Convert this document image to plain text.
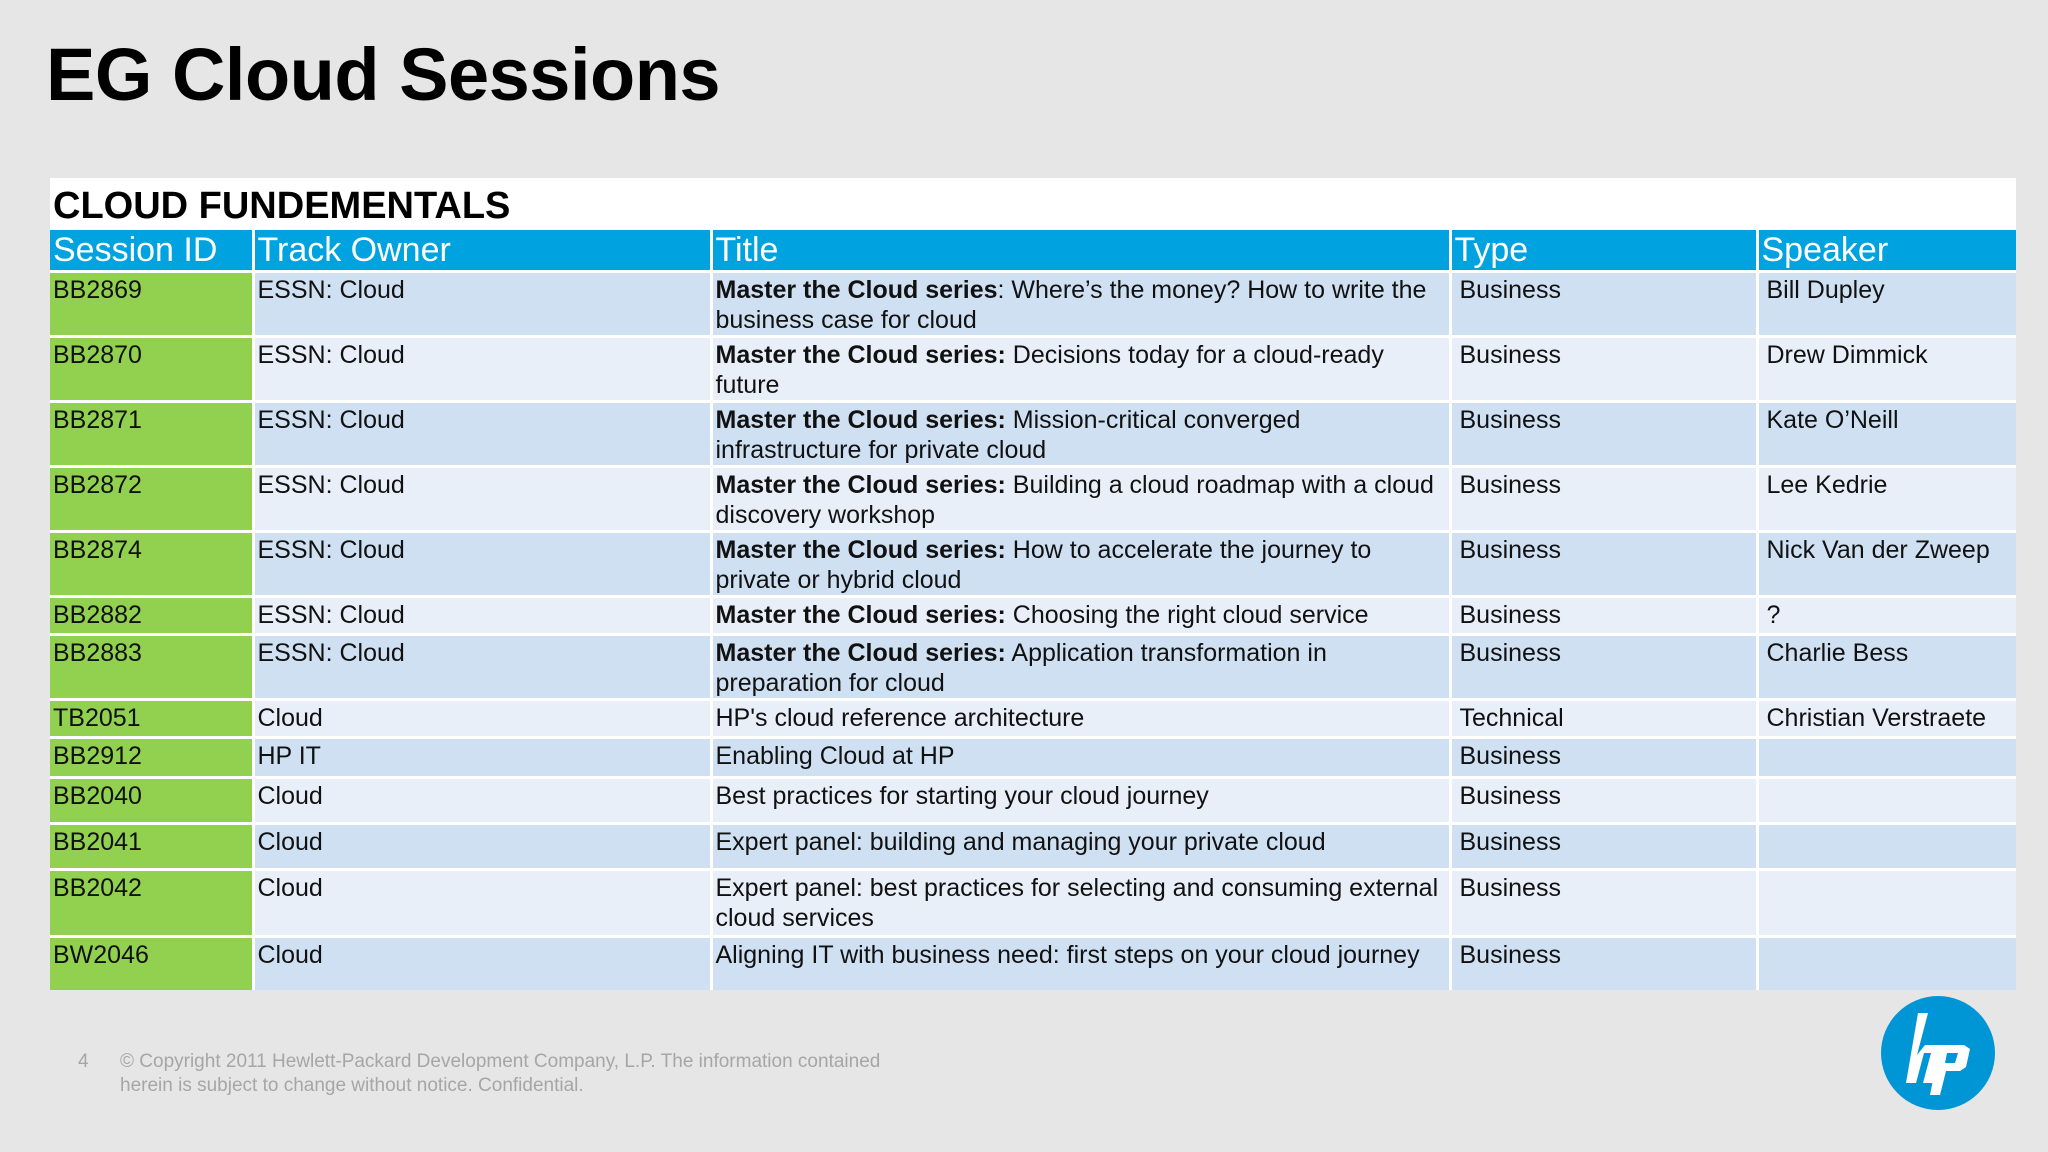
EG Cloud Sessions
CLOUD FUNDEMENTALS
Session ID	Track Owner	Title	Type	Speaker
BB2869	ESSN: Cloud	Master the Cloud series: Where’s the money? How to write the business case for cloud	Business	Bill Dupley
BB2870	ESSN: Cloud	Master the Cloud series: Decisions today for a cloud-ready future	Business	Drew Dimmick
BB2871	ESSN: Cloud	Master the Cloud series: Mission-critical converged infrastructure for private cloud	Business	Kate O’Neill
BB2872	ESSN: Cloud	Master the Cloud series: Building a cloud roadmap with a cloud discovery workshop	Business	Lee Kedrie
BB2874	ESSN: Cloud	Master the Cloud series: How to accelerate the journey to private or hybrid cloud	Business	Nick Van der Zweep
BB2882	ESSN: Cloud	Master the Cloud series: Choosing the right cloud service	Business	?
BB2883	ESSN: Cloud	Master the Cloud series: Application transformation in preparation for cloud	Business	Charlie Bess
TB2051	Cloud	HP's cloud reference architecture	Technical	Christian Verstraete
BB2912	HP IT	Enabling Cloud at HP	Business	
BB2040	Cloud	Best practices for starting your cloud journey	Business	
BB2041	Cloud	Expert panel: building and managing your private cloud	Business	
BB2042	Cloud	Expert panel: best practices for selecting and consuming external cloud services	Business	
BW2046	Cloud	Aligning IT with business need: first steps on your cloud journey	Business	
4	© Copyright 2011 Hewlett-Packard Development Company, L.P. The information contained herein is subject to change without notice. Confidential.
